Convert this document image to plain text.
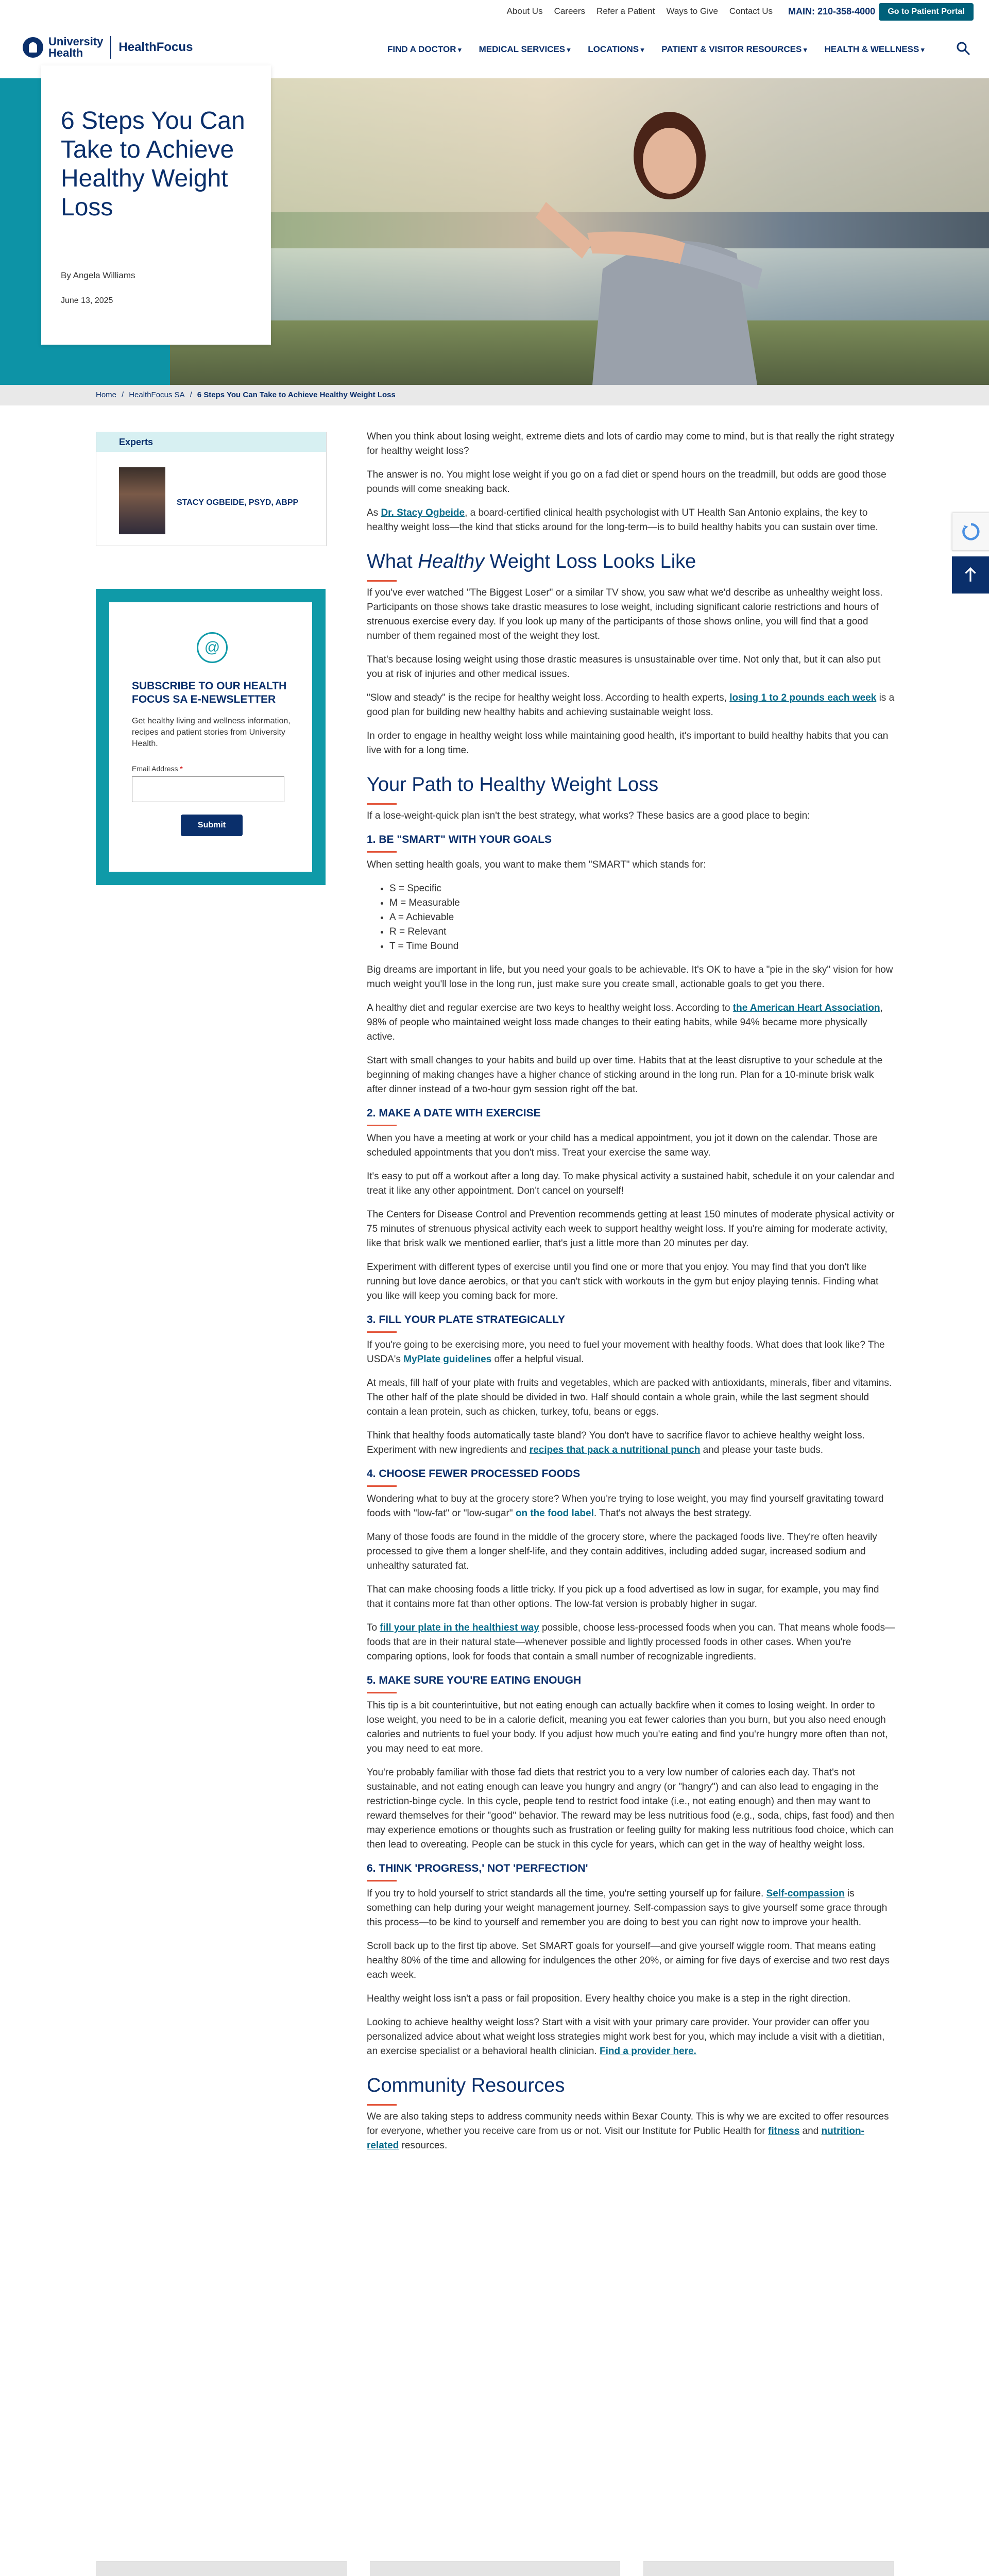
About Us Careers Refer a Patient Ways to Give Contact Us MAIN: 210-358-4000	Go to Patient Portal
University
Health	HealthFocus	FIND A DOCTOR ▾	MEDICAL SERVICES ▾	LOCATIONS ▾	PATIENT & VISITOR RESOURCES ▾	HEALTH & WELLNESS ▾
6 Steps You Can Take to Achieve Healthy Weight Loss
By Angela Williams
June 13, 2025
Home / HealthFocus SA / 6 Steps You Can Take to Achieve Healthy Weight Loss
Experts
STACY OGBEIDE, PSYD, ABPP
@
SUBSCRIBE TO OUR HEALTH FOCUS SA E-NEWSLETTER
Get healthy living and wellness information, recipes and patient stories from University Health.
Email Address *
Submit

When you think about losing weight, extreme diets and lots of cardio may come to mind, but is that really the right strategy for healthy weight loss?

The answer is no. You might lose weight if you go on a fad diet or spend hours on the treadmill, but odds are good those pounds will come sneaking back.

As Dr. Stacy Ogbeide, a board-certified clinical health psychologist with UT Health San Antonio explains, the key to healthy weight loss—the kind that sticks around for the long-term—is to build healthy habits you can sustain over time.

What Healthy Weight Loss Looks Like

If you've ever watched "The Biggest Loser" or a similar TV show, you saw what we'd describe as unhealthy weight loss. Participants on those shows take drastic measures to lose weight, including significant calorie restrictions and hours of strenuous exercise every day. If you look up many of the participants of those shows online, you will find that a good number of them regained most of the weight they lost.

That's because losing weight using those drastic measures is unsustainable over time. Not only that, but it can also put you at risk of injuries and other medical issues.

"Slow and steady" is the recipe for healthy weight loss. According to health experts, losing 1 to 2 pounds each week is a good plan for building new healthy habits and achieving sustainable weight loss.

In order to engage in healthy weight loss while maintaining good health, it's important to build healthy habits that you can live with for a long time.

Your Path to Healthy Weight Loss

If a lose-weight-quick plan isn't the best strategy, what works? These basics are a good place to begin:

1. BE "SMART" WITH YOUR GOALS

When setting health goals, you want to make them "SMART" which stands for:

• S = Specific
• M = Measurable
• A = Achievable
• R = Relevant
• T = Time Bound

Big dreams are important in life, but you need your goals to be achievable. It's OK to have a "pie in the sky" vision for how much weight you'll lose in the long run, just make sure you create small, actionable goals to get you there.

A healthy diet and regular exercise are two keys to healthy weight loss. According to the American Heart Association, 98% of people who maintained weight loss made changes to their eating habits, while 94% became more physically active.

Start with small changes to your habits and build up over time. Habits that at the least disruptive to your schedule at the beginning of making changes have a higher chance of sticking around in the long run. Plan for a 10-minute brisk walk after dinner instead of a two-hour gym session right off the bat.

2. MAKE A DATE WITH EXERCISE

When you have a meeting at work or your child has a medical appointment, you jot it down on the calendar. Those are scheduled appointments that you don't miss. Treat your exercise the same way.

It's easy to put off a workout after a long day. To make physical activity a sustained habit, schedule it on your calendar and treat it like any other appointment. Don't cancel on yourself!

The Centers for Disease Control and Prevention recommends getting at least 150 minutes of moderate physical activity or 75 minutes of strenuous physical activity each week to support healthy weight loss. If you're aiming for moderate activity, like that brisk walk we mentioned earlier, that's just a little more than 20 minutes per day.

Experiment with different types of exercise until you find one or more that you enjoy. You may find that you don't like running but love dance aerobics, or that you can't stick with workouts in the gym but enjoy playing tennis. Finding what you like will keep you coming back for more.

3. FILL YOUR PLATE STRATEGICALLY

If you're going to be exercising more, you need to fuel your movement with healthy foods. What does that look like? The USDA's MyPlate guidelines offer a helpful visual.

At meals, fill half of your plate with fruits and vegetables, which are packed with antioxidants, minerals, fiber and vitamins. The other half of the plate should be divided in two. Half should contain a whole grain, while the last segment should contain a lean protein, such as chicken, turkey, tofu, beans or eggs.

Think that healthy foods automatically taste bland? You don't have to sacrifice flavor to achieve healthy weight loss. Experiment with new ingredients and recipes that pack a nutritional punch and please your taste buds.

4. CHOOSE FEWER PROCESSED FOODS

Wondering what to buy at the grocery store? When you're trying to lose weight, you may find yourself gravitating toward foods with "low-fat" or "low-sugar" on the food label. That's not always the best strategy.

Many of those foods are found in the middle of the grocery store, where the packaged foods live. They're often heavily processed to give them a longer shelf-life, and they contain additives, including added sugar, increased sodium and unhealthy saturated fat.

That can make choosing foods a little tricky. If you pick up a food advertised as low in sugar, for example, you may find that it contains more fat than other options. The low-fat version is probably higher in sugar.

To fill your plate in the healthiest way possible, choose less-processed foods when you can. That means whole foods—foods that are in their natural state—whenever possible and lightly processed foods in other cases. When you're comparing options, look for foods that contain a small number of recognizable ingredients.

5. MAKE SURE YOU'RE EATING ENOUGH

This tip is a bit counterintuitive, but not eating enough can actually backfire when it comes to losing weight. In order to lose weight, you need to be in a calorie deficit, meaning you eat fewer calories than you burn, but you also need enough calories and nutrients to fuel your body. If you adjust how much you're eating and find you're hungry more often than not, you may need to eat more.

You're probably familiar with those fad diets that restrict you to a very low number of calories each day. That's not sustainable, and not eating enough can leave you hungry and angry (or "hangry") and can also lead to engaging in the restriction-binge cycle. In this cycle, people tend to restrict food intake (i.e., not eating enough) and then may want to reward themselves for their "good" behavior. The reward may be less nutritious food (e.g., soda, chips, fast food) and then may experience emotions or thoughts such as frustration or feeling guilty for making less nutritious food choice, which can then lead to overeating. People can be stuck in this cycle for years, which can get in the way of healthy weight loss.

6. THINK 'PROGRESS,' NOT 'PERFECTION'

If you try to hold yourself to strict standards all the time, you're setting yourself up for failure. Self-compassion is something can help during your weight management journey. Self-compassion says to give yourself some grace through this process—to be kind to yourself and remember you are doing to best you can right now to improve your health.

Scroll back up to the first tip above. Set SMART goals for yourself—and give yourself wiggle room. That means eating healthy 80% of the time and allowing for indulgences the other 20%, or aiming for five days of exercise and two rest days each week.

Healthy weight loss isn't a pass or fail proposition. Every healthy choice you make is a step in the right direction.

Looking to achieve healthy weight loss? Start with a visit with your primary care provider. Your provider can offer you personalized advice about what weight loss strategies might work best for you, which may include a visit with a dietitian, an exercise specialist or a behavioral health clinician. Find a provider here.

Community Resources

We are also taking steps to address community needs within Bexar County. This is why we are excited to offer resources for everyone, whether you receive care from us or not. Visit our Institute for Public Health for fitness and nutrition-related resources.
